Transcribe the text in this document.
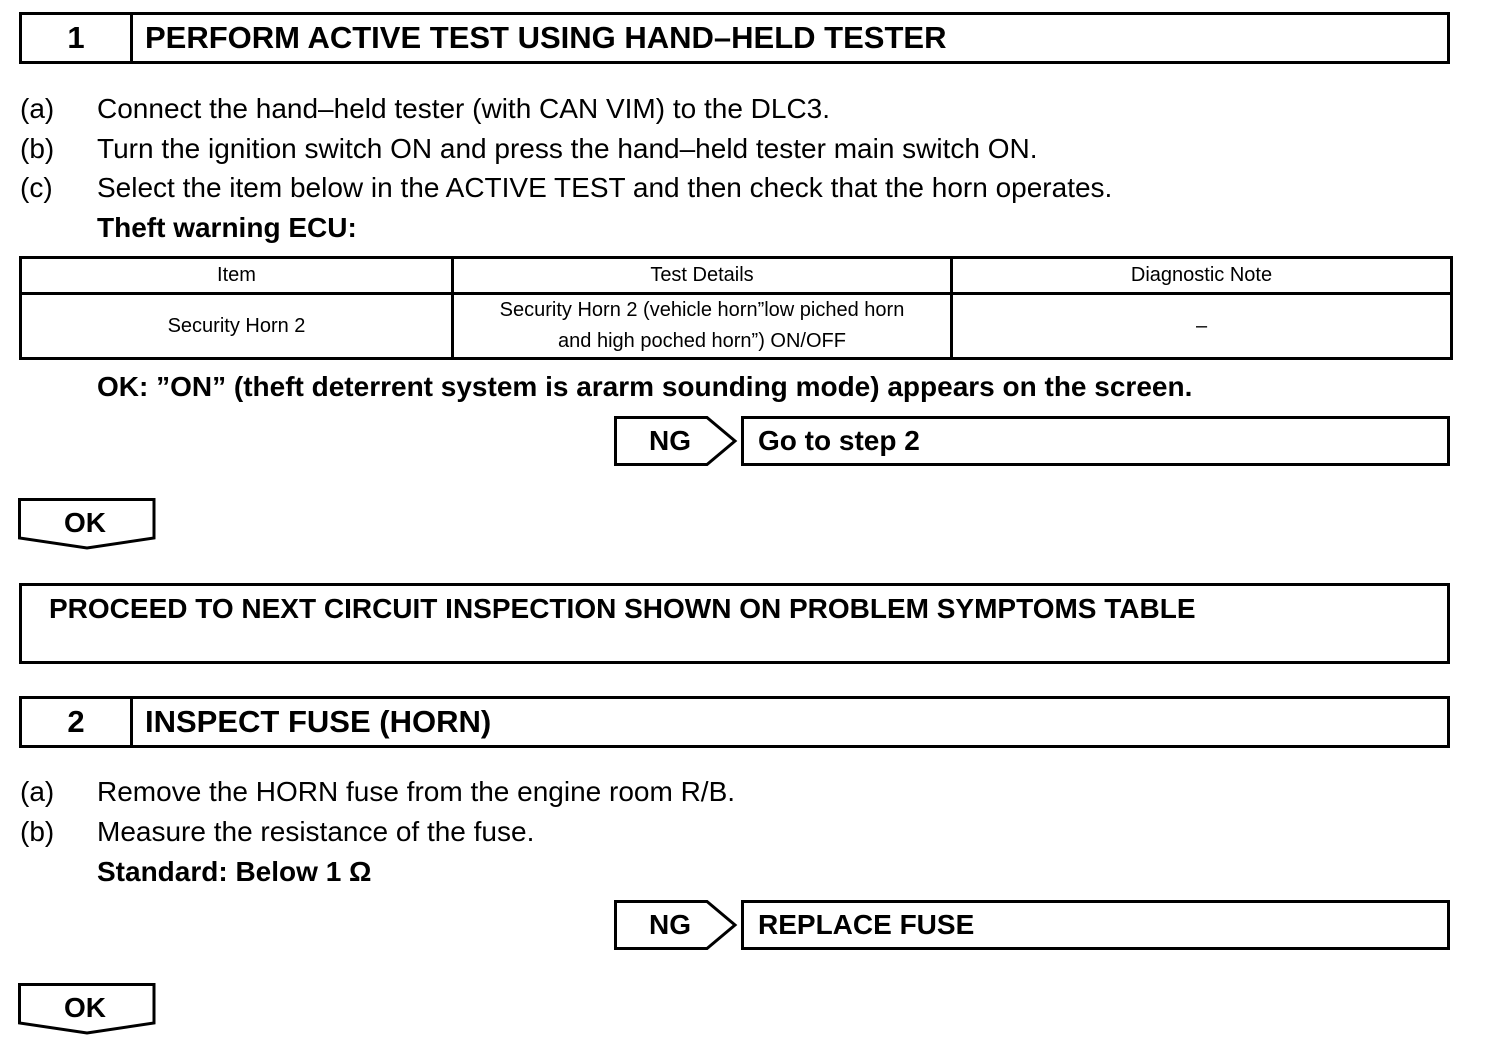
1	PERFORM ACTIVE TEST USING HAND–HELD TESTER
(a) Connect the hand–held tester (with CAN VIM) to the DLC3.
(b) Turn the ignition switch ON and press the hand–held tester main switch ON.
(c) Select the item below in the ACTIVE TEST and then check that the horn operates.
Theft warning ECU:
Item	Test Details	Diagnostic Note
Security Horn 2	Security Horn 2 (vehicle horn”low piched horn
and high poched horn”) ON/OFF	–
OK: ”ON” (theft deterrent system is ararm sounding mode) appears on the screen.
NG	Go to step 2
OK
PROCEED TO NEXT CIRCUIT INSPECTION SHOWN ON PROBLEM SYMPTOMS TABLE
2	INSPECT FUSE (HORN)
(a) Remove the HORN fuse from the engine room R/B.
(b) Measure the resistance of the fuse.
Standard: Below 1 Ω
NG	REPLACE FUSE
OK
